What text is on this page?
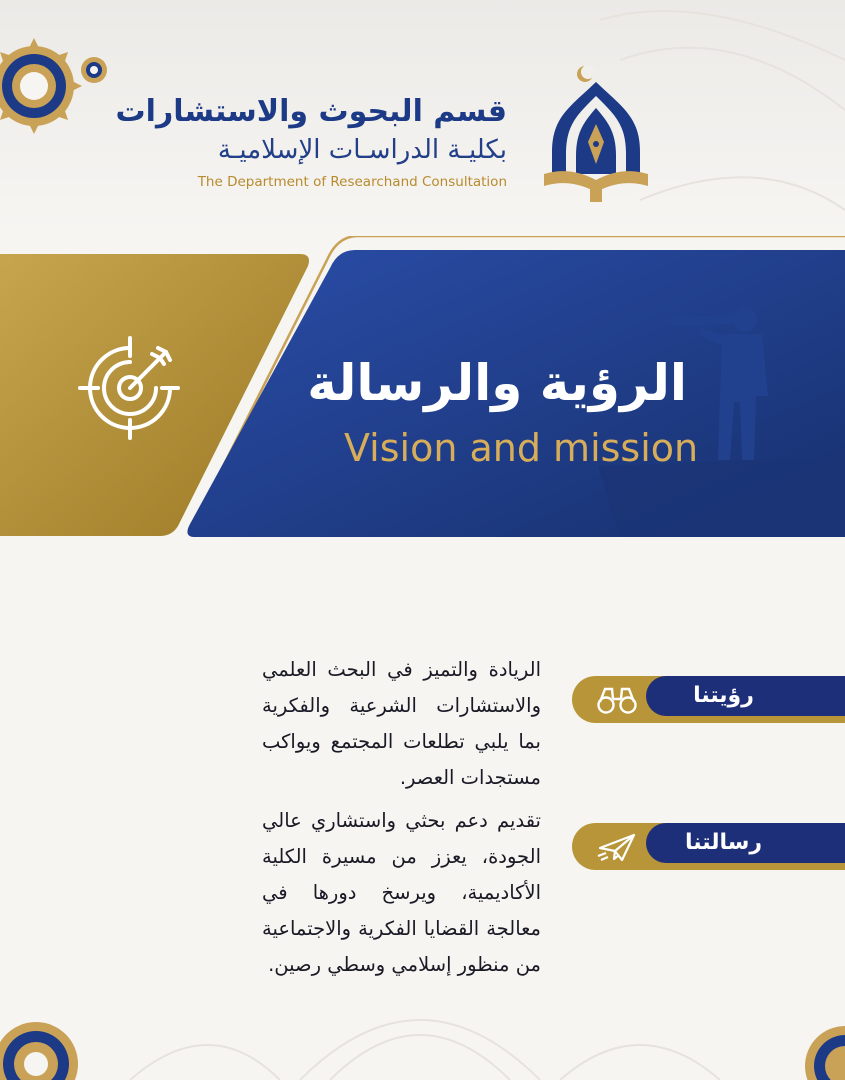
قسم البحوث والاستشارات
بكليـة الدراسـات الإسلاميـة
The Department of Researchand Consultation
الرؤية والرسالة
Vision and mission
الريادة والتميز في البحث العلمي والاستشارات الشرعية والفكرية بما يلبي تطلعات المجتمع ويواكب مستجدات العصر.
رؤيتنا
تقديم دعم بحثي واستشاري عالي الجودة، يعزز من مسيرة الكلية الأكاديمية، ويرسخ دورها في معالجة القضايا الفكرية والاجتماعية من منظور إسلامي وسطي رصين.
رسالتنا
